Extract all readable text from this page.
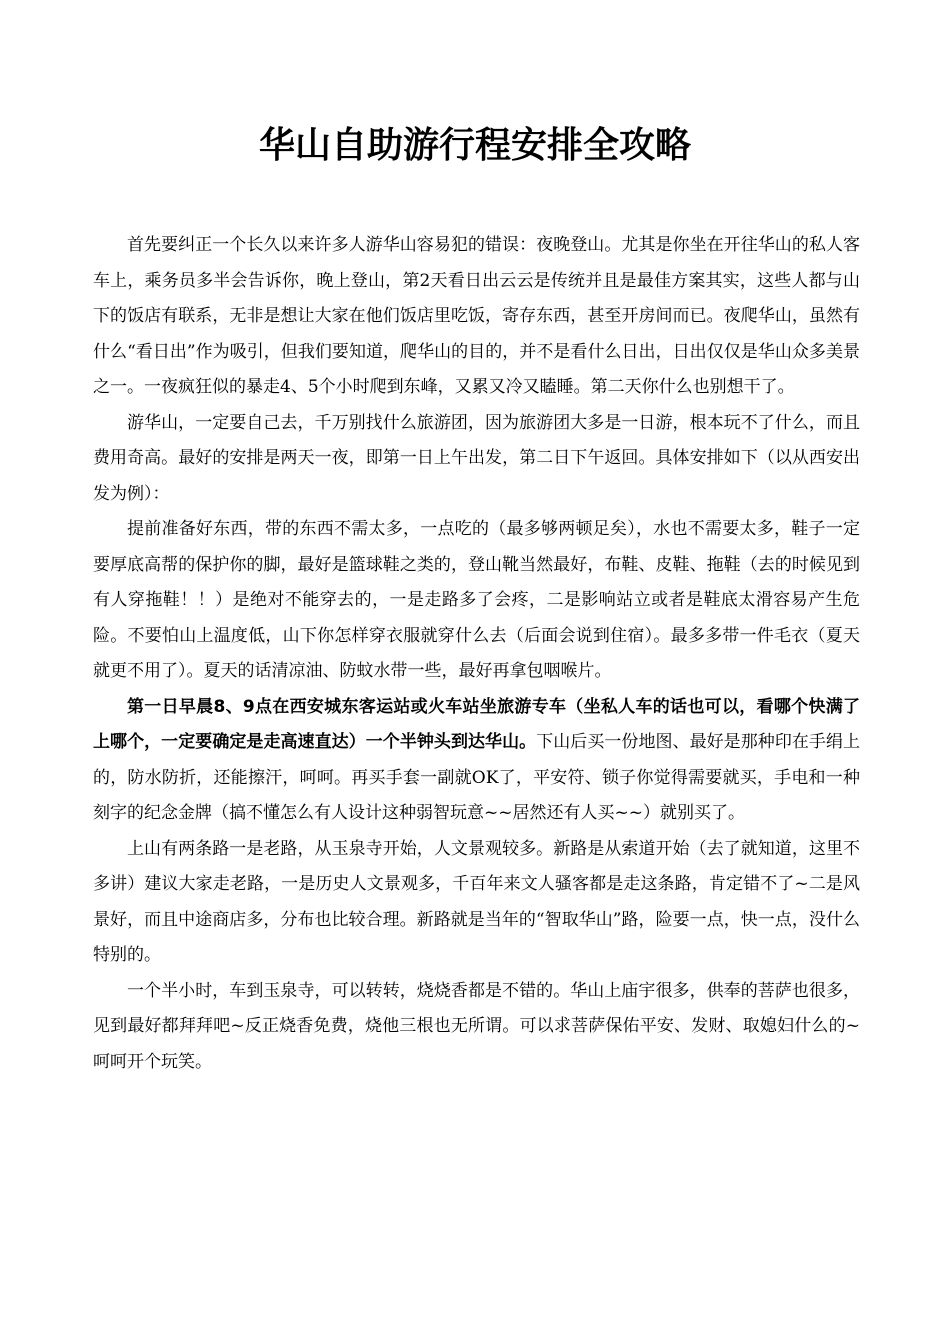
华山自助游行程安排全攻略

首先要纠正一个长久以来许多人游华山容易犯的错误：夜晚登山。尤其是你坐在开往华山的私人客车上，乘务员多半会告诉你，晚上登山，第2天看日出云云是传统并且是最佳方案其实，这些人都与山下的饭店有联系，无非是想让大家在他们饭店里吃饭，寄存东西，甚至开房间而已。夜爬华山，虽然有什么“看日出”作为吸引，但我们要知道，爬华山的目的，并不是看什么日出，日出仅仅是华山众多美景之一。一夜疯狂似的暴走4、5个小时爬到东峰，又累又冷又瞌睡。第二天你什么也别想干了。

游华山，一定要自己去，千万别找什么旅游团，因为旅游团大多是一日游，根本玩不了什么，而且费用奇高。最好的安排是两天一夜，即第一日上午出发，第二日下午返回。具体安排如下（以从西安出发为例）：

提前准备好东西，带的东西不需太多，一点吃的（最多够两顿足矣），水也不需要太多，鞋子一定要厚底高帮的保护你的脚，最好是篮球鞋之类的，登山靴当然最好，布鞋、皮鞋、拖鞋（去的时候见到有人穿拖鞋！！）是绝对不能穿去的，一是走路多了会疼，二是影响站立或者是鞋底太滑容易产生危险。不要怕山上温度低，山下你怎样穿衣服就穿什么去（后面会说到住宿）。最多多带一件毛衣（夏天就更不用了）。夏天的话清凉油、防蚊水带一些，最好再拿包咽喉片。

第一日早晨8、9点在西安城东客运站或火车站坐旅游专车（坐私人车的话也可以，看哪个快满了上哪个，一定要确定是走高速直达）一个半钟头到达华山。下山后买一份地图、最好是那种印在手绢上的，防水防折，还能擦汗，呵呵。再买手套一副就OK了，平安符、锁子你觉得需要就买，手电和一种刻字的纪念金牌（搞不懂怎么有人设计这种弱智玩意~~居然还有人买~~）就别买了。

上山有两条路一是老路，从玉泉寺开始，人文景观较多。新路是从索道开始（去了就知道，这里不多讲）建议大家走老路，一是历史人文景观多，千百年来文人骚客都是走这条路，肯定错不了~二是风景好，而且中途商店多，分布也比较合理。新路就是当年的“智取华山”路，险要一点，快一点，没什么特别的。

一个半小时，车到玉泉寺，可以转转，烧烧香都是不错的。华山上庙宇很多，供奉的菩萨也很多，见到最好都拜拜吧~反正烧香免费，烧他三根也无所谓。可以求菩萨保佑平安、发财、取媳妇什么的~呵呵开个玩笑。
